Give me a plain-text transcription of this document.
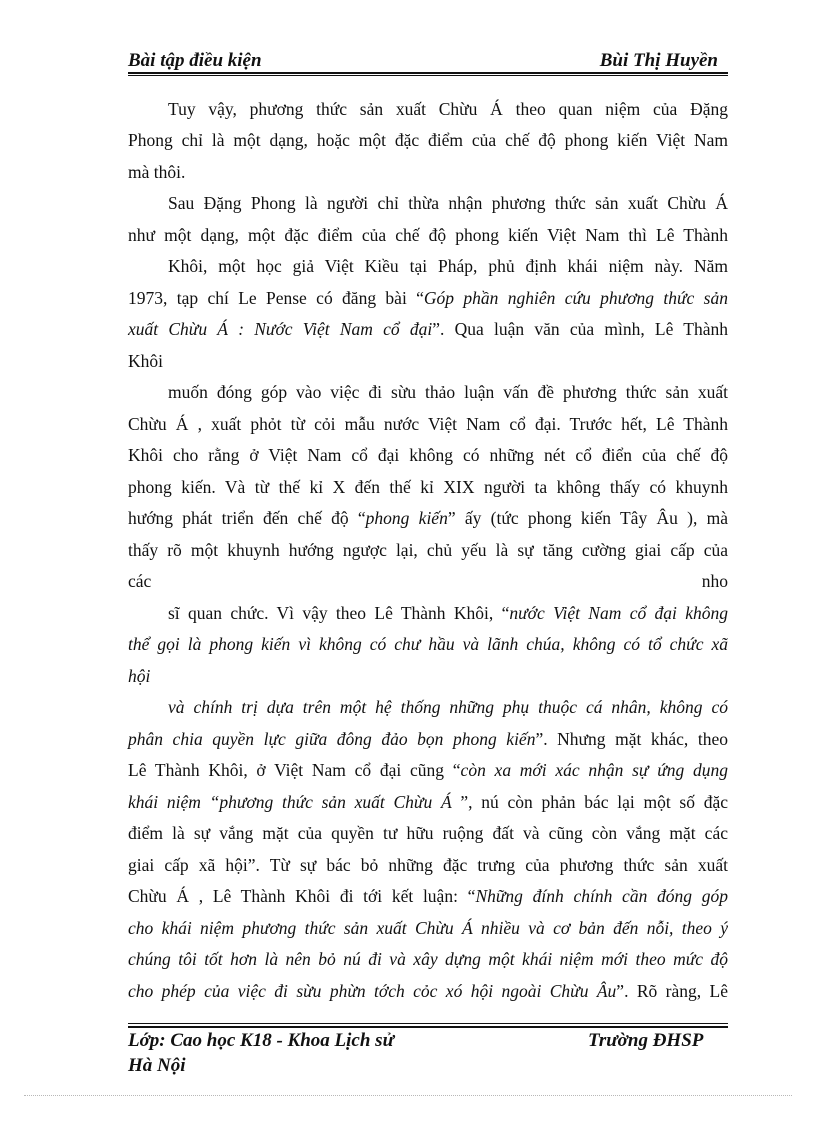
Bài tập điều kiện	Bùi Thị Huyền
Tuy vậy, phương thức sản xuất Chừu Á theo quan niệm của Đặng
Phong chỉ là một dạng, hoặc một đặc điểm của chế độ phong kiến Việt Nam
mà thôi.
Sau Đặng Phong là người chỉ thừa nhận phương thức sản xuất Chừu Á
như một dạng, một đặc điểm của chế độ phong kiến Việt Nam thì Lê Thành
Khôi, một học giả Việt Kiều tại Pháp, phủ định khái niệm này. Năm
1973, tạp chí Le Pense có đăng bài “Góp phần nghiên cứu phương thức sản
xuất Chừu Á : Nước Việt Nam cổ đại”. Qua luận văn của mình, Lê Thành
Khôi
muốn đóng góp vào việc đi sừu thảo luận vấn đề phương thức sản xuất
Chừu Á , xuất phỏt từ cỏi mẫu nước Việt Nam cổ đại. Trước hết, Lê Thành
Khôi cho rằng ở Việt Nam cổ đại không có những nét cổ điển của chế độ
phong kiến. Và từ thế kỉ X đến thế kỉ XIX người ta không thấy có khuynh
hướng phát triển đến chế độ “phong kiến” ấy (tức phong kiến Tây Âu ), mà
thấy rõ một khuynh hướng ngược lại, chủ yếu là sự tăng cường giai cấp của
các nho
sĩ quan chức. Vì vậy theo Lê Thành Khôi, “nước Việt Nam cổ đại không
thể gọi là phong kiến vì không có chư hầu và lãnh chúa, không có tổ chức xã
hội
và chính trị dựa trên một hệ thống những phụ thuộc cá nhân, không có
phân chia quyền lực giữa đông đảo bọn phong kiến”. Nhưng mặt khác, theo
Lê Thành Khôi, ở Việt Nam cổ đại cũng “còn xa mới xác nhận sự ứng dụng
khái niệm “phương thức sản xuất Chừu Á ”, nú còn phản bác lại một số đặc
điểm là sự vắng mặt của quyền tư hữu ruộng đất và cũng còn vắng mặt các
giai cấp xã hội”. Từ sự bác bỏ những đặc trưng của phương thức sản xuất
Chừu Á , Lê Thành Khôi đi tới kết luận: “Những đính chính cần đóng góp
cho khái niệm phương thức sản xuất Chừu Á nhiều và cơ bản đến nỗi, theo ý
chúng tôi tốt hơn là nên bỏ nú đi và xây dựng một khái niệm mới theo mức độ
cho phép của việc đi sừu phừn tớch cỏc xó hội ngoài Chừu Âu”. Rõ ràng, Lê
Lớp: Cao học K18 - Khoa Lịch sử	Trường ĐHSP
Hà Nội
